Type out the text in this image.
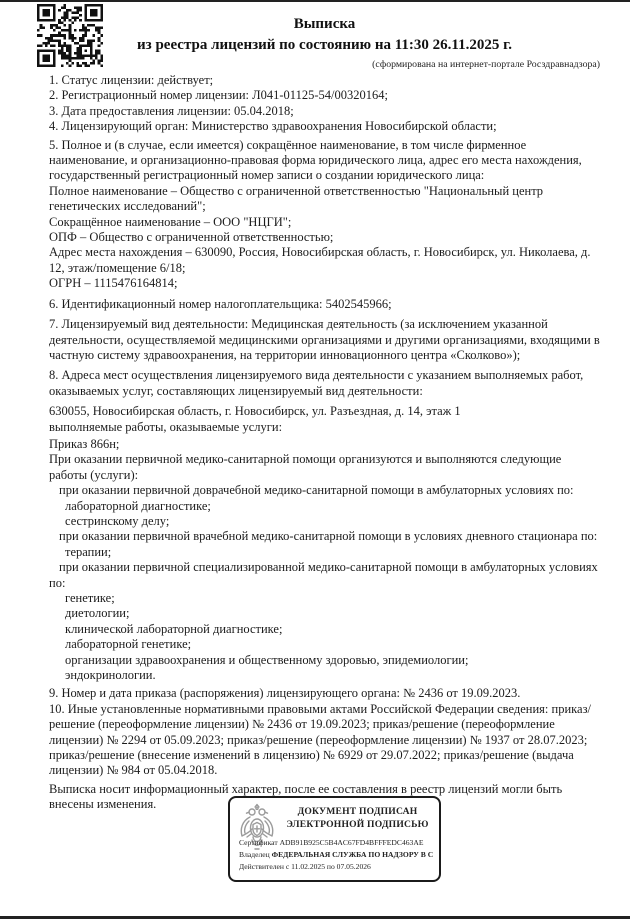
Выписка
из реестра лицензий по состоянию на 11:30 26.11.2025 г.
(сформирована на интернет-портале Росздравнадзора)

1. Статус лицензии: действует;

2. Регистрационный номер лицензии: Л041-01125-54/00320164;

3. Дата предоставления лицензии: 05.04.2018;

4. Лицензирующий орган: Министерство здравоохранения Новосибирской области;

5. Полное и (в случае, если имеется) сокращённое наименование, в том числе фирменное наименование, и организационно-правовая форма юридического лица, адрес его места нахождения, государственный регистрационный номер записи о создании юридического лица:

Полное наименование – Общество с ограниченной ответственностью "Национальный центр генетических исследований";

Сокращённое наименование – ООО "НЦГИ";

ОПФ – Общество с ограниченной ответственностью;

Адрес места нахождения – 630090, Россия, Новосибирская область, г. Новосибирск, ул. Николаева, д. 12, этаж/помещение 6/18;

ОГРН – 1115476164814;

6. Идентификационный номер налогоплательщика: 5402545966;

7. Лицензируемый вид деятельности: Медицинская деятельность (за исключением указанной деятельности, осуществляемой медицинскими организациями и другими организациями, входящими в частную систему здравоохранения, на территории инновационного центра «Сколково»);

8. Адреса мест осуществления лицензируемого вида деятельности с указанием выполняемых работ, оказываемых услуг, составляющих лицензируемый вид деятельности:

630055, Новосибирская область, г. Новосибирск, ул. Разъездная, д. 14, этаж 1

выполняемые работы, оказываемые услуги:

Приказ 866н;

При оказании первичной медико-санитарной помощи организуются и выполняются следующие работы (услуги):

при оказании первичной доврачебной медико-санитарной помощи в амбулаторных условиях по:

лабораторной диагностике;

сестринскому делу;

при оказании первичной врачебной медико-санитарной помощи в условиях дневного стационара по:

терапии;

при оказании первичной специализированной медико-санитарной помощи в амбулаторных условиях по:

генетике;

диетологии;

клинической лабораторной диагностике;

лабораторной генетике;

организации здравоохранения и общественному здоровью, эпидемиологии;

эндокринологии.

9. Номер и дата приказа (распоряжения) лицензирующего органа: № 2436 от 19.09.2023.

10. Иные установленные нормативными правовыми актами Российской Федерации сведения: приказ/решение (переоформление лицензии) № 2436 от 19.09.2023; приказ/решение (переоформление лицензии) № 2294 от 05.09.2023; приказ/решение (переоформление лицензии) № 1937 от 28.07.2023; приказ/решение (внесение изменений в лицензию) № 6929 от 29.07.2022; приказ/решение (выдача лицензии) № 984 от 05.04.2018.

Выписка носит информационный характер, после ее составления в реестр лицензий могли быть внесены изменения.

ДОКУМЕНТ ПОДПИСАН
ЭЛЕКТРОННОЙ ПОДПИСЬЮ
Сертификат ADB91B925C5B4AC67FD4BFFFEDC463AE
Владелец ФЕДЕРАЛЬНАЯ СЛУЖБА ПО НАДЗОРУ В С
Действителен с 11.02.2025 по 07.05.2026
